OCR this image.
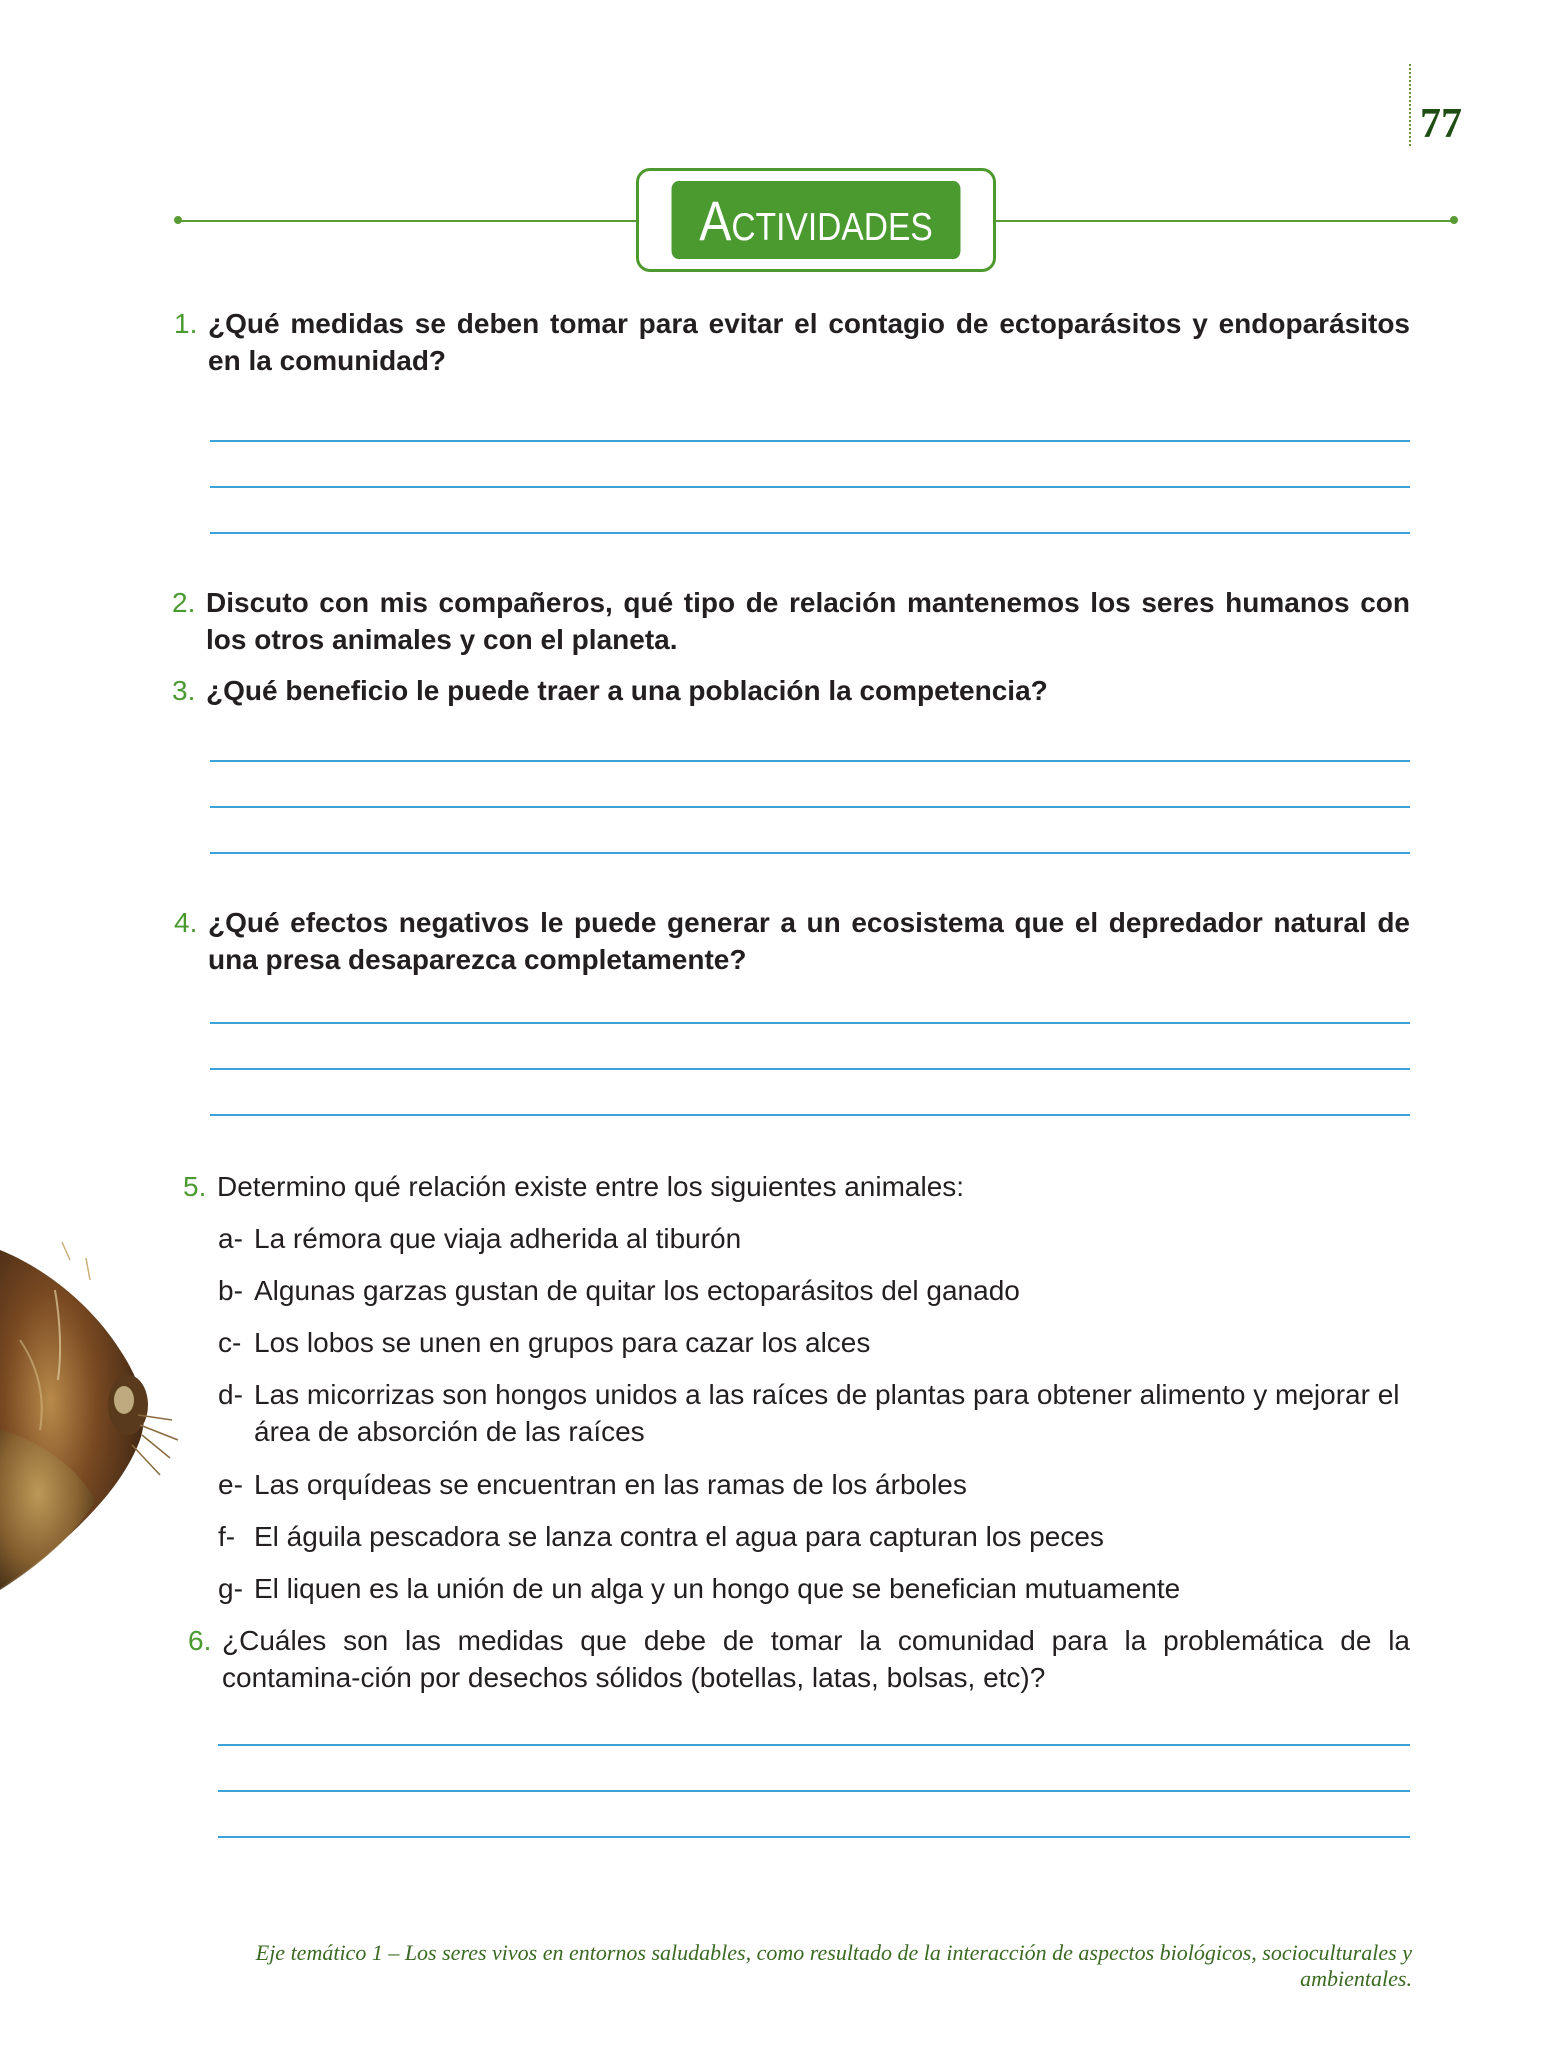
77
Actividades
1. ¿Qué medidas se deben tomar para evitar el contagio de ectoparásitos y endoparásitos en la comunidad?
2. Discuto con mis compañeros, qué tipo de relación mantenemos los seres humanos con los otros animales y con el planeta.
3. ¿Qué beneficio le puede traer a una población la competencia?
4. ¿Qué efectos negativos le puede generar a un ecosistema que el depredador natural de una presa desaparezca completamente?
5. Determino qué relación existe entre los siguientes animales:
a- La rémora que viaja adherida al tiburón
b- Algunas garzas gustan de quitar los ectoparásitos del ganado
c- Los lobos se unen en grupos para cazar los alces
d- Las micorrizas son hongos unidos a las raíces de plantas para obtener alimento y mejorar el área de absorción de las raíces
e- Las orquídeas se encuentran en las ramas de los árboles
f- El águila pescadora se lanza contra el agua para capturan los peces
g- El liquen es la unión de un alga y un hongo que se benefician mutuamente
6. ¿Cuáles son las medidas que debe de tomar la comunidad para la problemática de la contamina-ción por desechos sólidos (botellas, latas, bolsas, etc)?
Eje temático 1 – Los seres vivos en entornos saludables, como resultado de la interacción de aspectos biológicos, socioculturales y ambientales.
